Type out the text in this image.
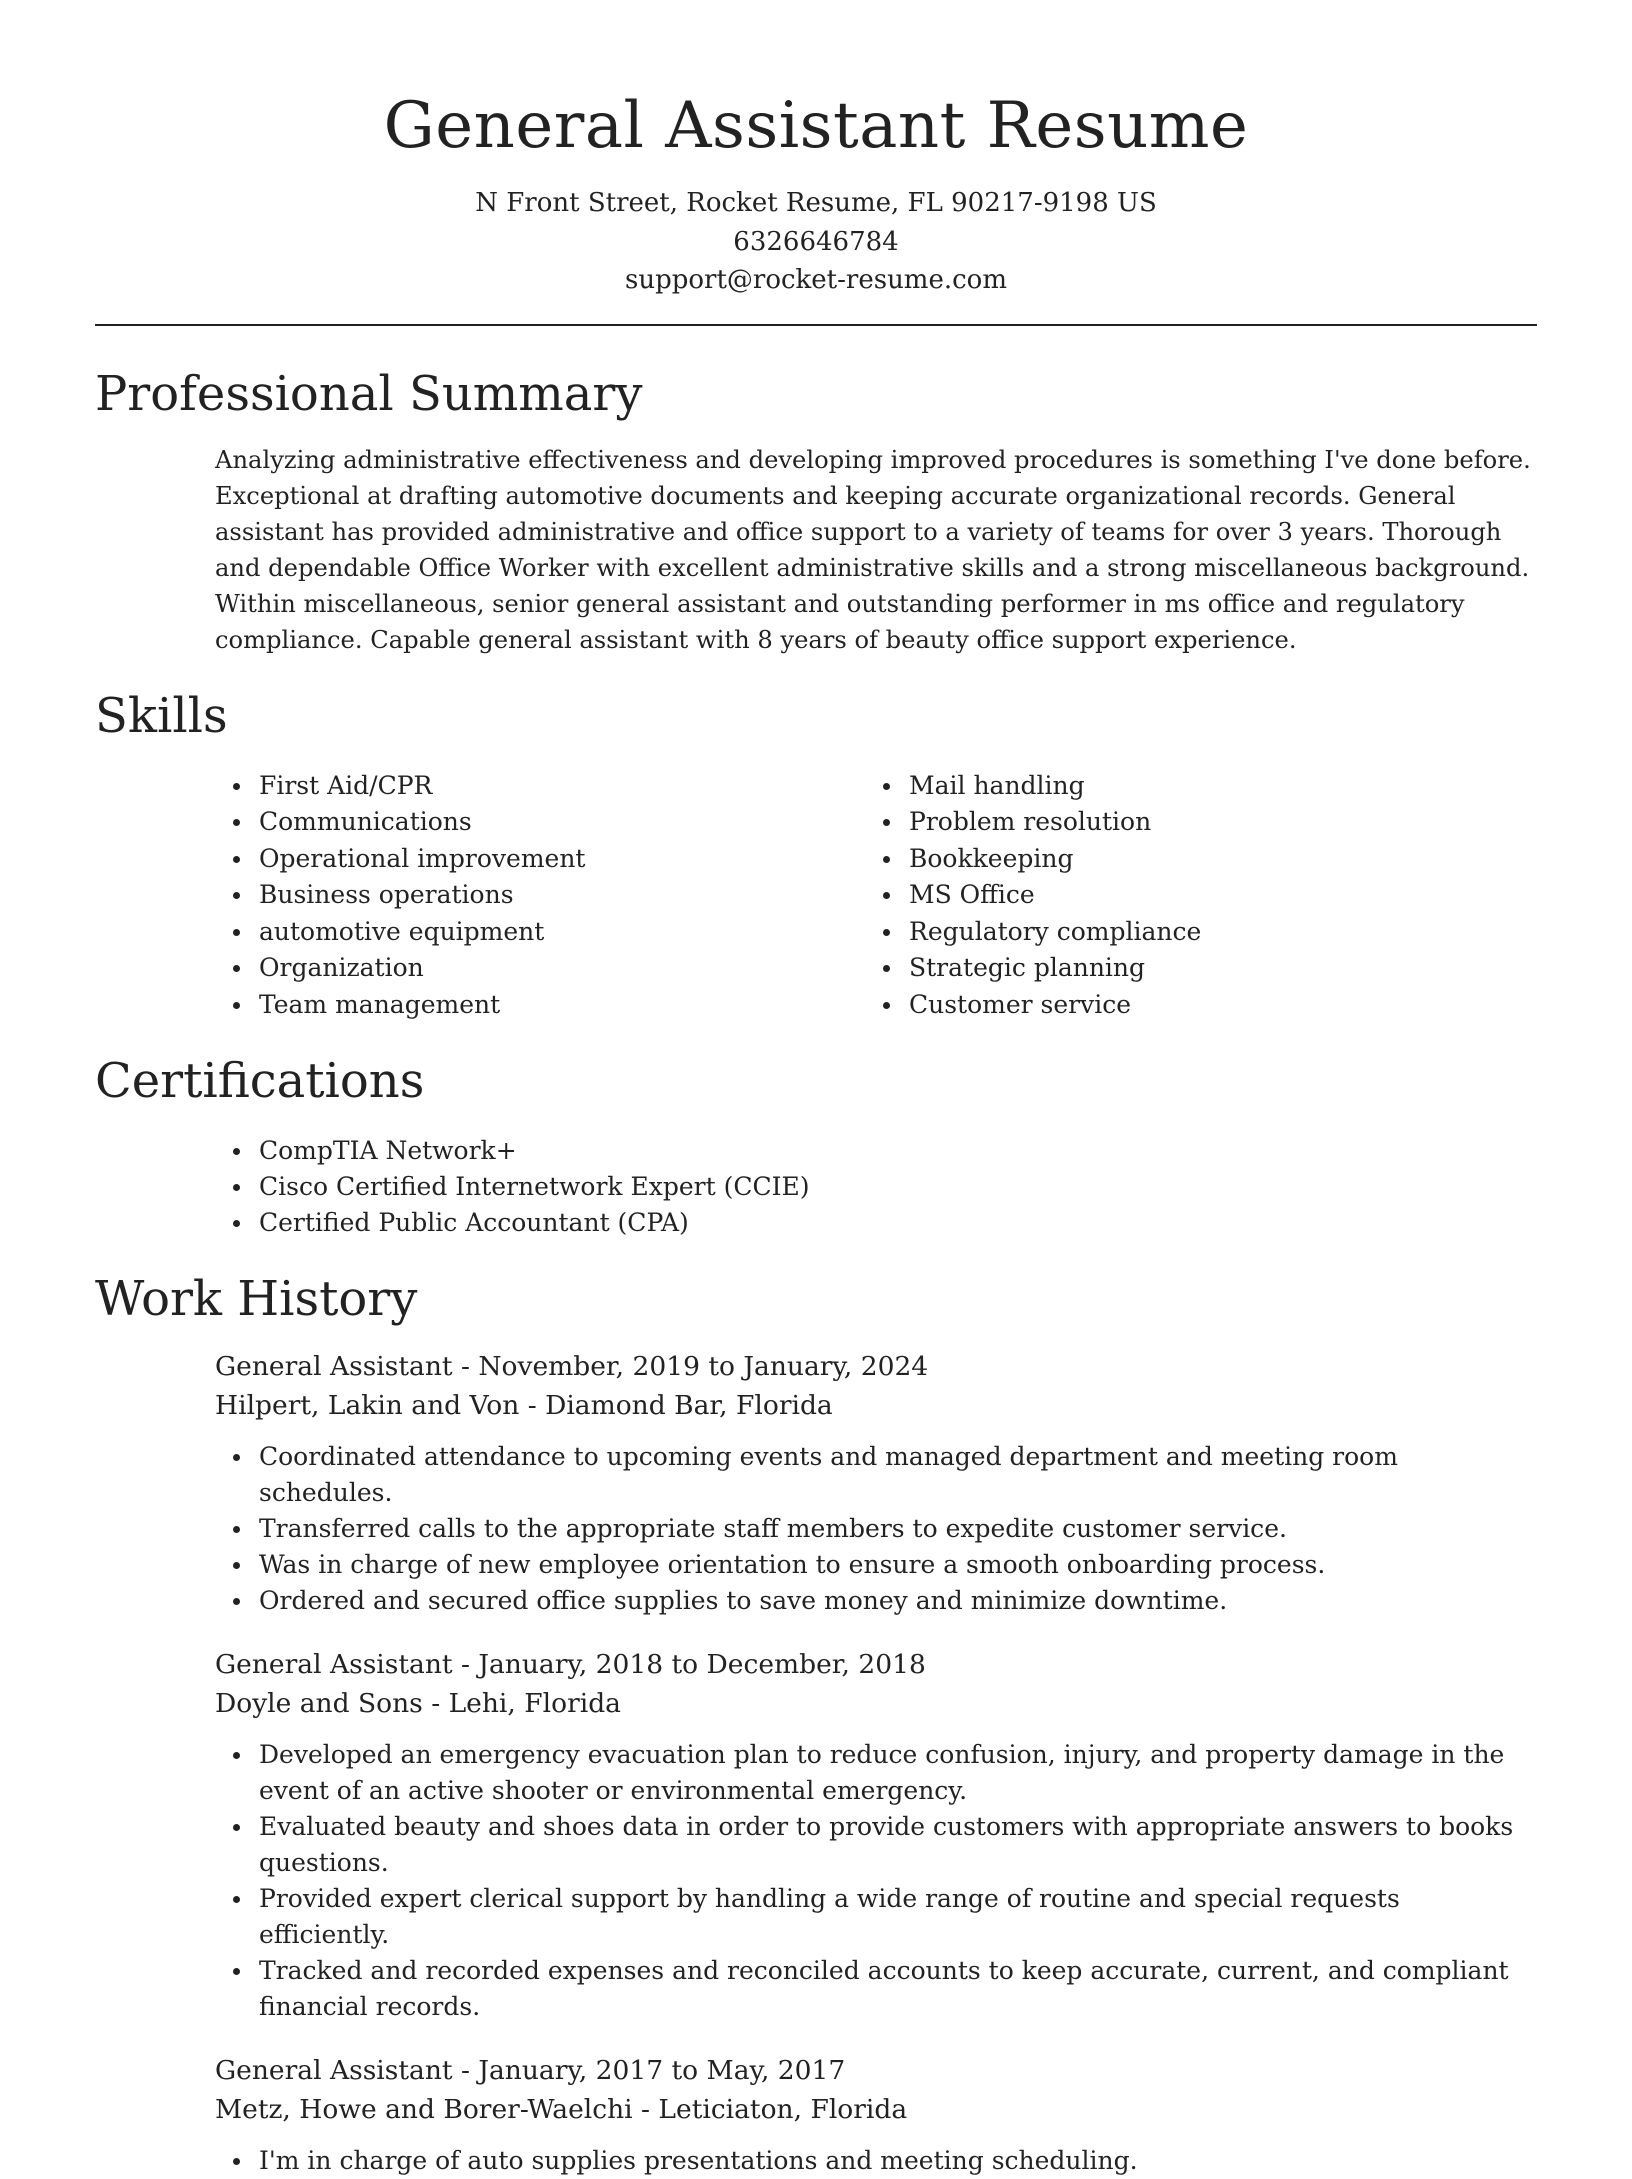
General Assistant Resume
N Front Street, Rocket Resume, FL 90217-9198 US
6326646784
support@rocket-resume.com
Professional Summary

Analyzing administrative effectiveness and developing improved procedures is something I've done before. Exceptional at drafting automotive documents and keeping accurate organizational records. General assistant has provided administrative and office support to a variety of teams for over 3 years. Thorough and dependable Office Worker with excellent administrative skills and a strong miscellaneous background. Within miscellaneous, senior general assistant and outstanding performer in ms office and regulatory compliance. Capable general assistant with 8 years of beauty office support experience.

Skills
First Aid/CPR
Communications
Operational improvement
Business operations
automotive equipment
Organization
Team management
Mail handling
Problem resolution
Bookkeeping
MS Office
Regulatory compliance
Strategic planning
Customer service
Certifications
CompTIA Network+
Cisco Certified Internetwork Expert (CCIE)
Certified Public Accountant (CPA)
Work History
General Assistant - November, 2019 to January, 2024
Hilpert, Lakin and Von - Diamond Bar, Florida
Coordinated attendance to upcoming events and managed department and meeting room schedules.
Transferred calls to the appropriate staff members to expedite customer service.
Was in charge of new employee orientation to ensure a smooth onboarding process.
Ordered and secured office supplies to save money and minimize downtime.
General Assistant - January, 2018 to December, 2018
Doyle and Sons - Lehi, Florida
Developed an emergency evacuation plan to reduce confusion, injury, and property damage in the event of an active shooter or environmental emergency.
Evaluated beauty and shoes data in order to provide customers with appropriate answers to books questions.
Provided expert clerical support by handling a wide range of routine and special requests efficiently.
Tracked and recorded expenses and reconciled accounts to keep accurate, current, and compliant financial records.
General Assistant - January, 2017 to May, 2017
Metz, Howe and Borer-Waelchi - Leticiaton, Florida
I'm in charge of auto supplies presentations and meeting scheduling.
